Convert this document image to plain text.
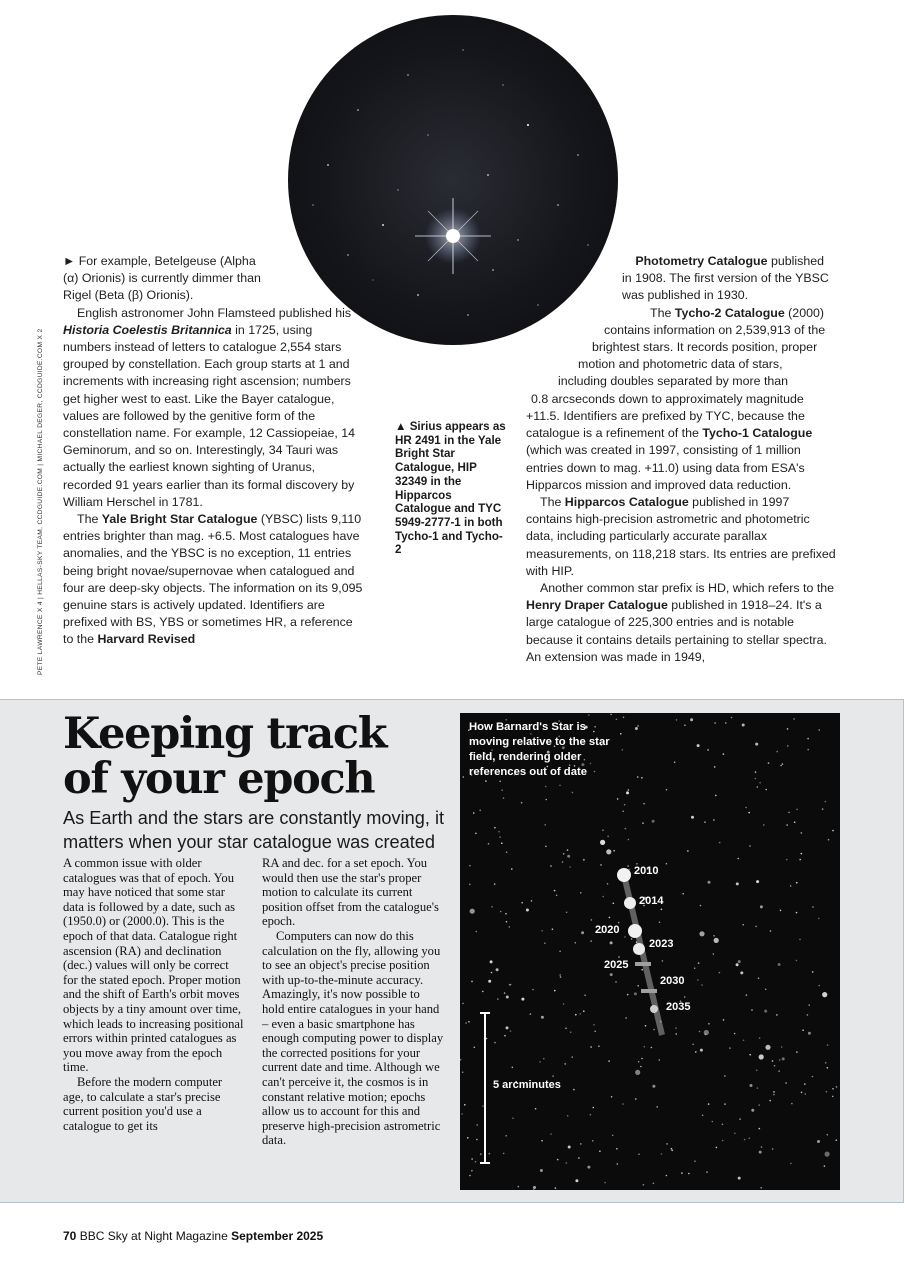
PETE LAWRENCE X 4 | HELLAS-SKY TEAM, CCDGUIDE.COM | MICHAEL DEGER, CCDGUIDE.COM X 2

► For example, Betelgeuse (Alpha (α) Orionis) is currently dimmer than Rigel (Beta (β) Orionis).

English astronomer John Flamsteed published his Historia Coelestis Britannica in 1725, using numbers instead of letters to catalogue 2,554 stars grouped by constellation. Each group starts at 1 and increments with increasing right ascension; numbers get higher west to east. Like the Bayer catalogue, values are followed by the genitive form of the constellation name. For example, 12 Cassiopeiae, 14 Geminorum, and so on. Interestingly, 34 Tauri was actually the earliest known sighting of Uranus, recorded 91 years earlier than its formal discovery by William Herschel in 1781.

The Yale Bright Star Catalogue (YBSC) lists 9,110 entries brighter than mag. +6.5. Most catalogues have anomalies, and the YBSC is no exception, 11 entries being bright novae/supernovae when catalogued and four are deep-sky objects. The information on its 9,095 genuine stars is actively updated. Identifiers are prefixed with BS, YBS or sometimes HR, a reference to the Harvard Revised

▲ Sirius appears as HR 2491 in the Yale Bright Star Catalogue, HIP 32349 in the Hipparcos Catalogue and TYC 5949-2777-1 in both Tycho-1 and Tycho-2
Photometry Catalogue published
in 1908. The first version of the YBSC
was published in 1930.
The Tycho-2 Catalogue (2000)
contains information on 2,539,913 of the
brightest stars. It records position, proper
motion and photometric data of stars,
including doubles separated by more than
0.8 arcseconds down to approximately magnitude

+11.5. Identifiers are prefixed by TYC, because the catalogue is a refinement of the Tycho-1 Catalogue (which was created in 1997, consisting of 1 million entries down to mag. +11.0) using data from ESA's Hipparcos mission and improved data reduction.

The Hipparcos Catalogue published in 1997 contains high-precision astrometric and photometric data, including particularly accurate parallax measurements, on 118,218 stars. Its entries are prefixed with HIP.

Another common star prefix is HD, which refers to the Henry Draper Catalogue published in 1918–24. It's a large catalogue of 225,300 entries and is notable because it contains details pertaining to stellar spectra. An extension was made in 1949,

Keeping track
of your epoch
As Earth and the stars are constantly moving, it matters when your star catalogue was created

A common issue with older catalogues was that of epoch. You may have noticed that some star data is followed by a date, such as (1950.0) or (2000.0). This is the epoch of that data. Catalogue right ascension (RA) and declination (dec.) values will only be correct for the stated epoch. Proper motion and the shift of Earth's orbit moves objects by a tiny amount over time, which leads to increasing positional errors within printed catalogues as you move away from the epoch time.

Before the modern computer age, to calculate a star's precise current position you'd use a catalogue to get its

RA and dec. for a set epoch. You would then use the star's proper motion to calculate its current position offset from the catalogue's epoch.

Computers can now do this calculation on the fly, allowing you to see an object's precise position with up-to-the-minute accuracy. Amazingly, it's now possible to hold entire catalogues in your hand – even a basic smartphone has enough computing power to display the corrected positions for your current date and time. Although we can't perceive it, the cosmos is in constant relative motion; epochs allow us to account for this and preserve high-precision astrometric data.

How Barnard's Star is moving relative to the star field, rendering older references out of date
2010
2014
2020
2023
2025
2030
2035
5 arcminutes
70 BBC Sky at Night Magazine September 2025
